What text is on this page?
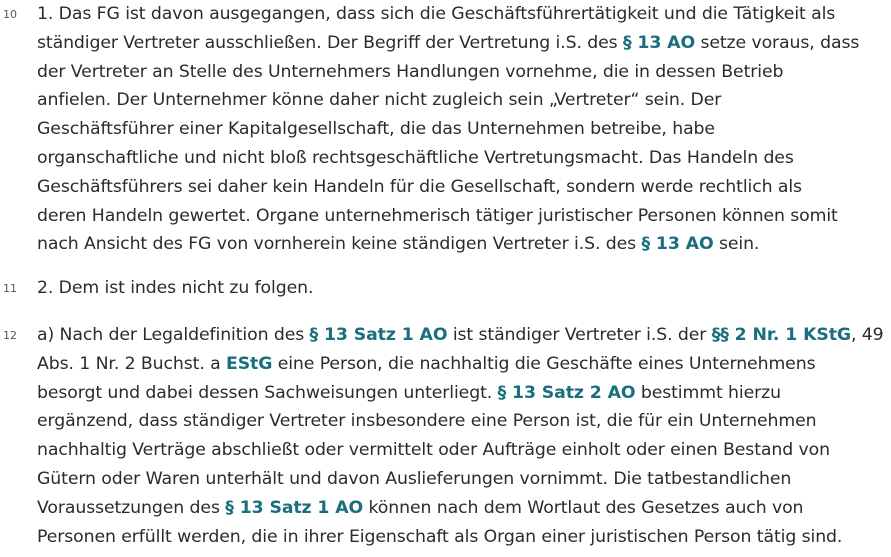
10 1. Das FG ist davon ausgegangen, dass sich die Geschäftsführertätigkeit und die Tätigkeit als
ständiger Vertreter ausschließen. Der Begriff der Vertretung i.S. des § 13 AO setze voraus, dass
der Vertreter an Stelle des Unternehmers Handlungen vornehme, die in dessen Betrieb
anfielen. Der Unternehmer könne daher nicht zugleich sein „Vertreter“ sein. Der
Geschäftsführer einer Kapitalgesellschaft, die das Unternehmen betreibe, habe
organschaftliche und nicht bloß rechtsgeschäftliche Vertretungsmacht. Das Handeln des
Geschäftsführers sei daher kein Handeln für die Gesellschaft, sondern werde rechtlich als
deren Handeln gewertet. Organe unternehmerisch tätiger juristischer Personen können somit
nach Ansicht des FG von vornherein keine ständigen Vertreter i.S. des § 13 AO sein.
11 2. Dem ist indes nicht zu folgen.
12 a) Nach der Legaldefinition des § 13 Satz 1 AO ist ständiger Vertreter i.S. der §§ 2 Nr. 1 KStG, 49
Abs. 1 Nr. 2 Buchst. a EStG eine Person, die nachhaltig die Geschäfte eines Unternehmens
besorgt und dabei dessen Sachweisungen unterliegt. § 13 Satz 2 AO bestimmt hierzu
ergänzend, dass ständiger Vertreter insbesondere eine Person ist, die für ein Unternehmen
nachhaltig Verträge abschließt oder vermittelt oder Aufträge einholt oder einen Bestand von
Gütern oder Waren unterhält und davon Auslieferungen vornimmt. Die tatbestandlichen
Voraussetzungen des § 13 Satz 1 AO können nach dem Wortlaut des Gesetzes auch von
Personen erfüllt werden, die in ihrer Eigenschaft als Organ einer juristischen Person tätig sind.
